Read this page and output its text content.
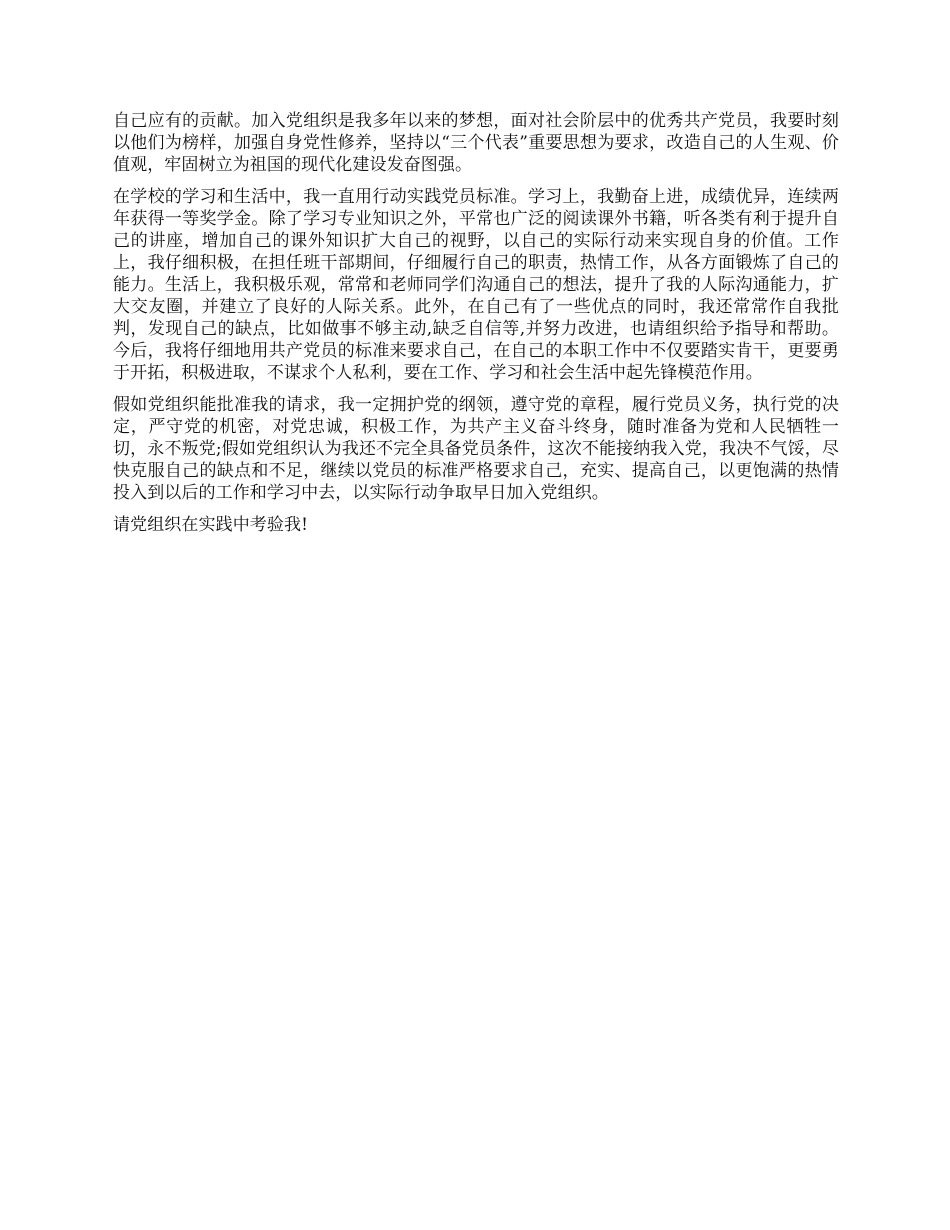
自己应有的贡献。加入党组织是我多年以来的梦想，面对社会阶层中的优秀共产党员，我要时刻以他们为榜样，加强自身党性修养，坚持以“三个代表”重要思想为要求，改造自己的人生观、价值观，牢固树立为祖国的现代化建设发奋图强。

在学校的学习和生活中，我一直用行动实践党员标准。学习上，我勤奋上进，成绩优异，连续两年获得一等奖学金。除了学习专业知识之外，平常也广泛的阅读课外书籍，听各类有利于提升自己的讲座，增加自己的课外知识扩大自己的视野，以自己的实际行动来实现自身的价值。工作上，我仔细积极，在担任班干部期间，仔细履行自己的职责，热情工作，从各方面锻炼了自己的能力。生活上，我积极乐观，常常和老师同学们沟通自己的想法，提升了我的人际沟通能力，扩大交友圈，并建立了良好的人际关系。此外，在自己有了一些优点的同时，我还常常作自我批判，发现自己的缺点，比如做事不够主动,缺乏自信等,并努力改进，也请组织给予指导和帮助。今后，我将仔细地用共产党员的标准来要求自己，在自己的本职工作中不仅要踏实肯干，更要勇于开拓，积极进取，不谋求个人私利，要在工作、学习和社会生活中起先锋模范作用。

假如党组织能批准我的请求，我一定拥护党的纲领，遵守党的章程，履行党员义务，执行党的决定，严守党的机密，对党忠诚，积极工作，为共产主义奋斗终身，随时准备为党和人民牺牲一切，永不叛党;假如党组织认为我还不完全具备党员条件，这次不能接纳我入党，我决不气馁，尽快克服自己的缺点和不足，继续以党员的标准严格要求自己，充实、提高自己，以更饱满的热情投入到以后的工作和学习中去，以实际行动争取早日加入党组织。

请党组织在实践中考验我!
